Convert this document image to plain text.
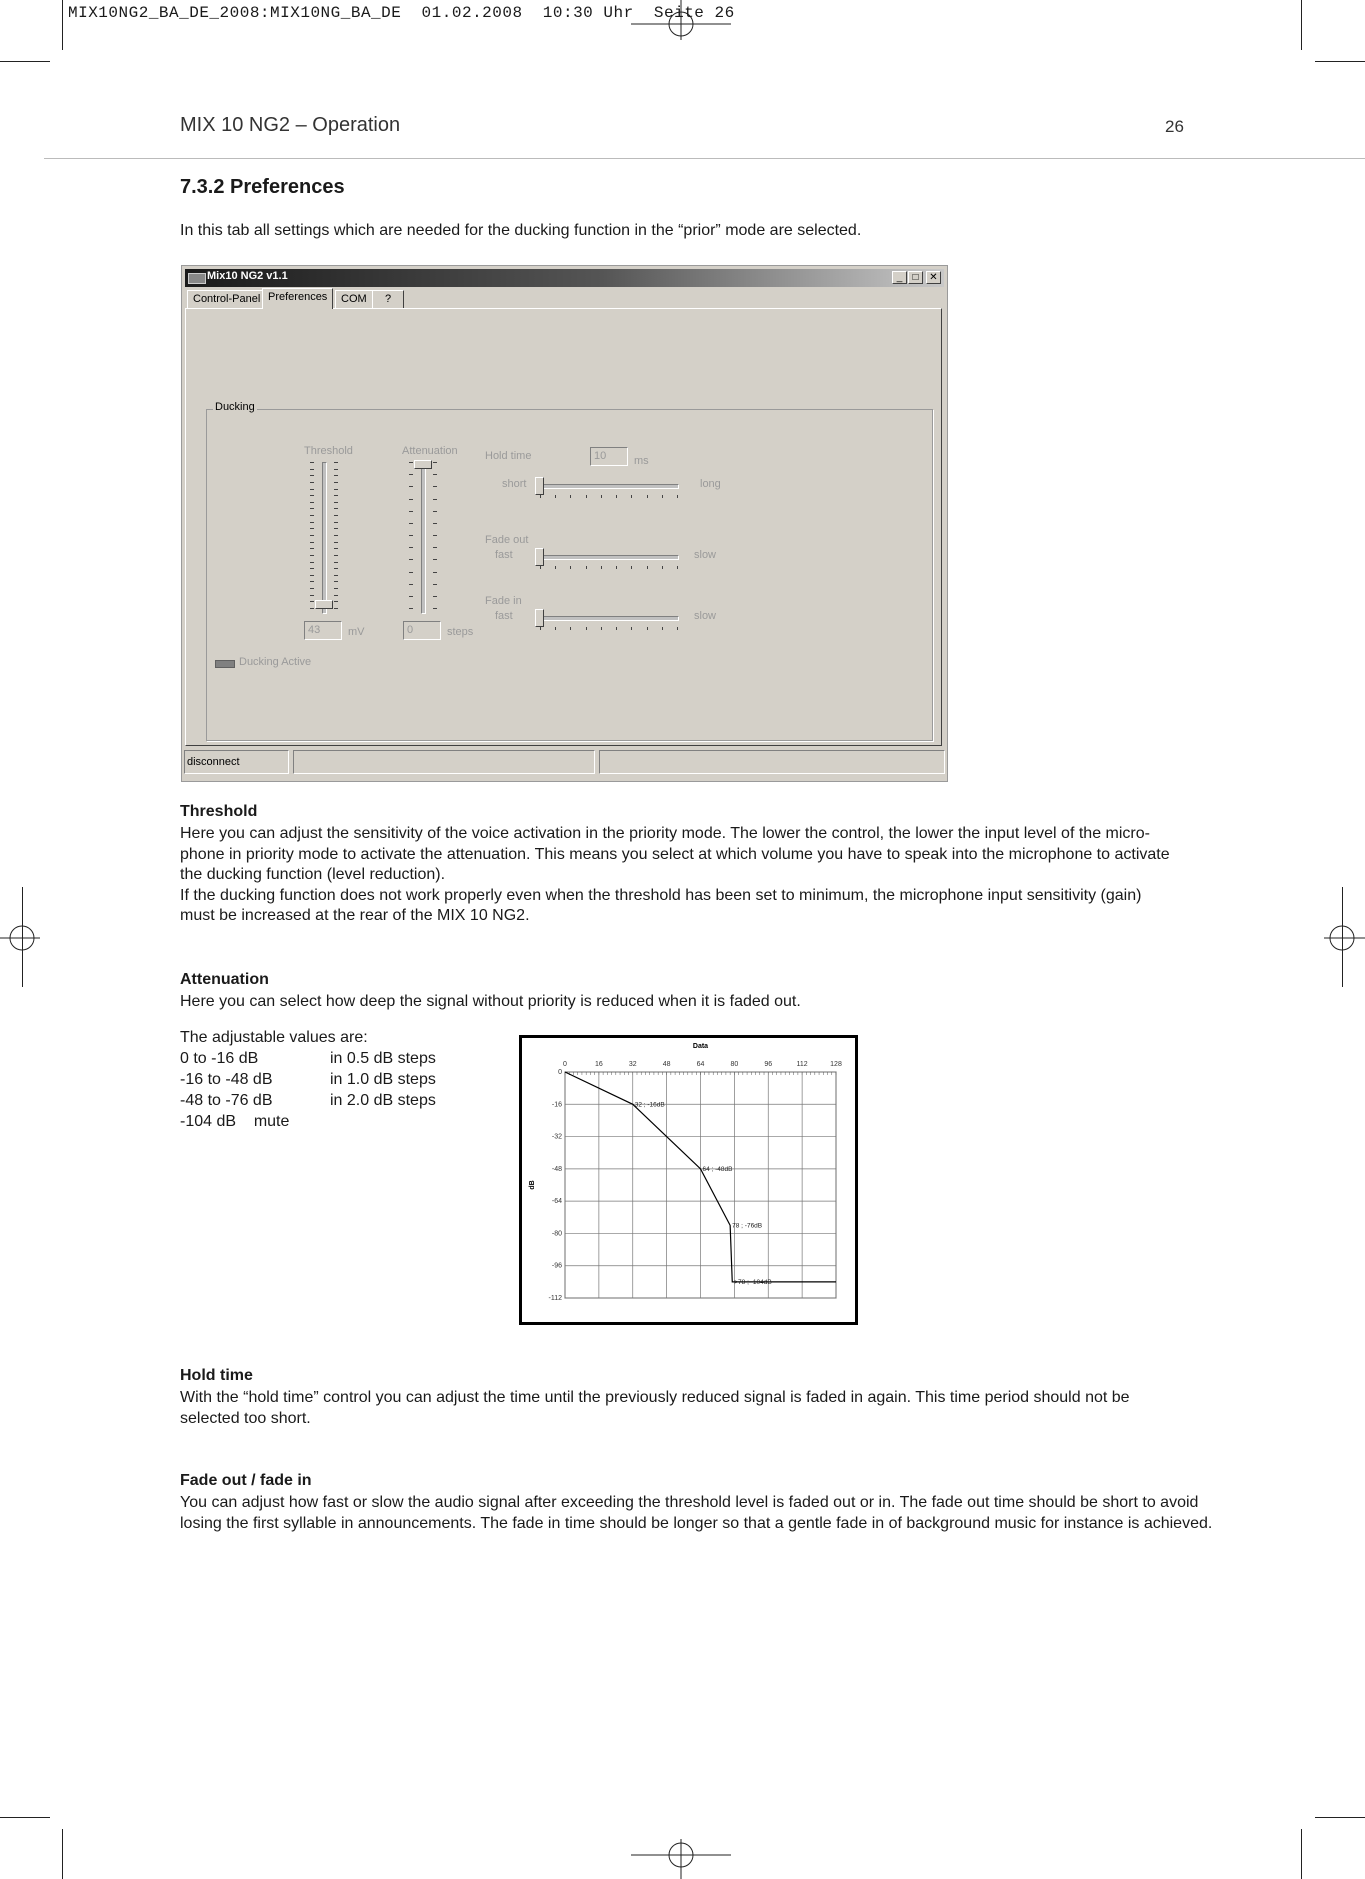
MIX10NG2_BA_DE_2008:MIX10NG_BA_DE  01.02.2008  10:30 Uhr  Seite 26
MIX 10 NG2 – Operation	26
7.3.2 Preferences
In this tab all settings which are needed for the ducking function in the “prior” mode are selected.
Mix10 NG2 v1.1	_	□	✕
Control-Panel Preferences	COM	?
Ducking
Threshold
43	mV
Attenuation
0	steps
Hold time	10	ms
short	long
Fade out
fast	slow
Fade in
fast	slow
Ducking Active
disconnect
Threshold
Here you can adjust the sensitivity of the voice activation in the priority mode. The lower the control, the lower the input level of the micro-
phone in priority mode to activate the attenuation. This means you select at which volume you have to speak into the microphone to activate
the ducking function (level reduction).
If the ducking function does not work properly even when the threshold has been set to minimum, the microphone input sensitivity (gain)
must be increased at the rear of the MIX 10 NG2.
Attenuation
Here you can select how deep the signal without priority is reduced when it is faded out.
The adjustable values are:
0 to -16 dB	in 0.5 dB steps
-16 to -48 dB	in 1.0 dB steps
-48 to -76 dB	in 2.0 dB steps
-104 dB    mute
0	16	32	48	64	80	96	112	128
0
-16
-32
-48
-64
-80
-96
-112
Data
dB
32 ; -16dB
64 ; -48dB
78 ; -76dB
>78 ; -104dB
Hold time
With the “hold time” control you can adjust the time until the previously reduced signal is faded in again. This time period should not be
selected too short.
Fade out / fade in
You can adjust how fast or slow the audio signal after exceeding the threshold level is faded out or in. The fade out time should be short to avoid
losing the first syllable in announcements. The fade in time should be longer so that a gentle fade in of background music for instance is achieved.
